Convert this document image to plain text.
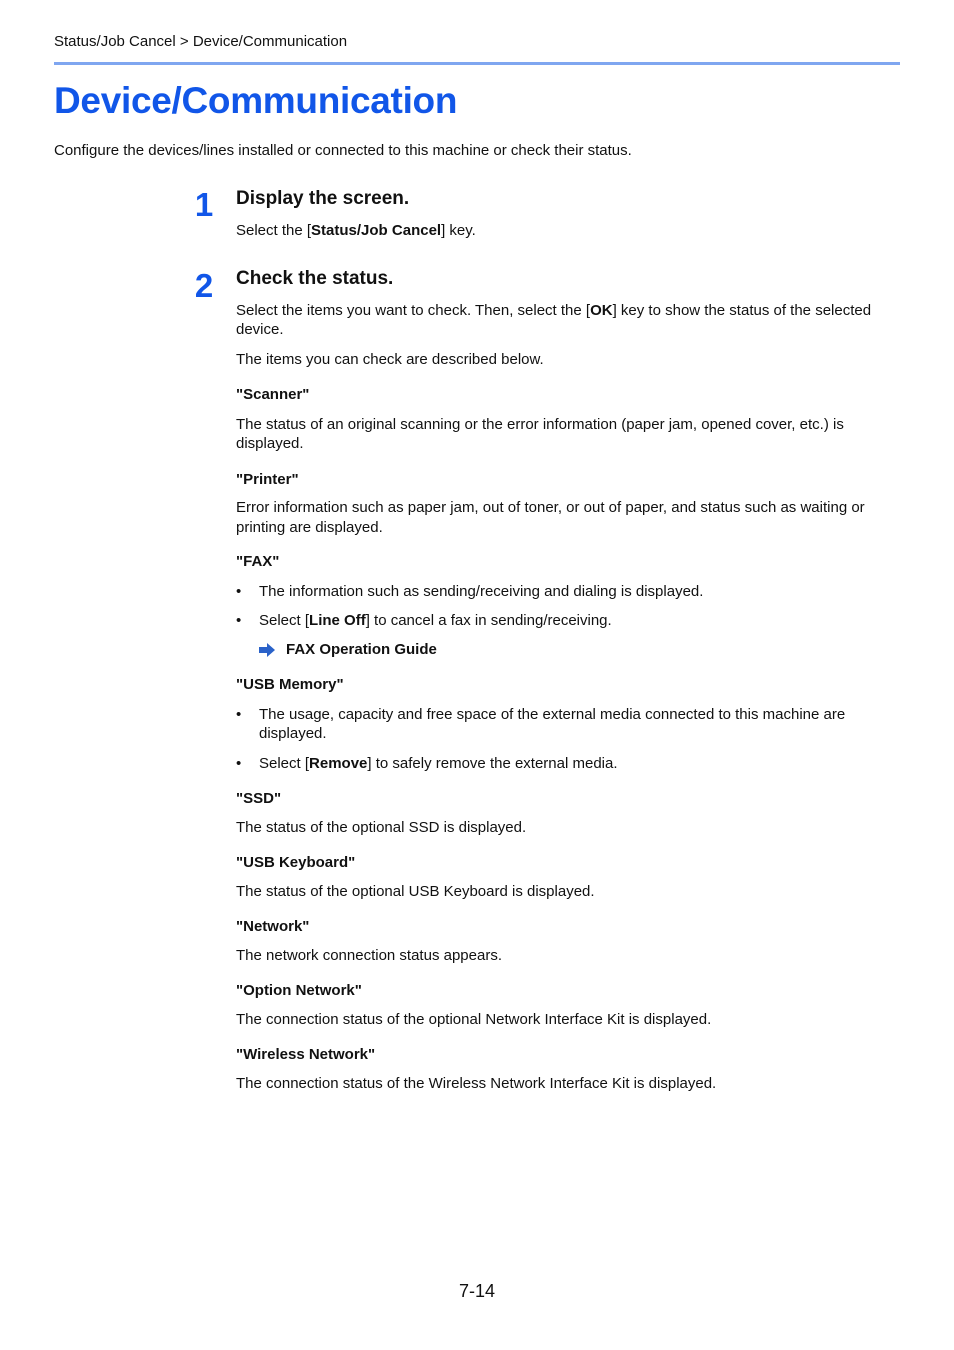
Status/Job Cancel > Device/Communication
Device/Communication
Configure the devices/lines installed or connected to this machine or check their status.
1	Display the screen.
Select the [Status/Job Cancel] key.
2	Check the status.
Select the items you want to check. Then, select the [OK] key to show the status of the selected device.
The items you can check are described below.
"Scanner"
The status of an original scanning or the error information (paper jam, opened cover, etc.) is displayed.
"Printer"
Error information such as paper jam, out of toner, or out of paper, and status such as waiting or printing are displayed.
"FAX"
• The information such as sending/receiving and dialing is displayed.
• Select [Line Off] to cancel a fax in sending/receiving.
FAX Operation Guide
"USB Memory"
• The usage, capacity and free space of the external media connected to this machine are displayed.
• Select [Remove] to safely remove the external media.
"SSD"
The status of the optional SSD is displayed.
"USB Keyboard"
The status of the optional USB Keyboard is displayed.
"Network"
The network connection status appears.
"Option Network"
The connection status of the optional Network Interface Kit is displayed.
"Wireless Network"
The connection status of the Wireless Network Interface Kit is displayed.
7-14
